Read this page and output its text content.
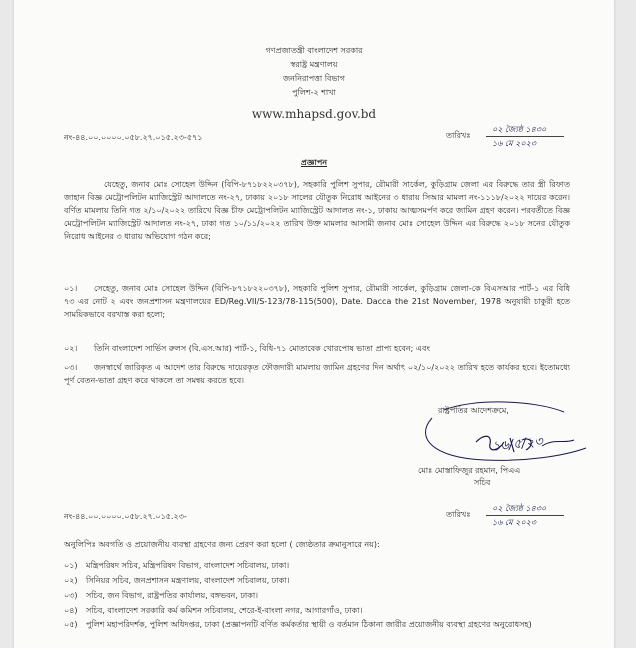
গণপ্রজাতন্ত্রী বাংলাদেশ সরকার
স্বরাষ্ট্র মন্ত্রণালয়
জননিরাপত্তা বিভাগ
পুলিশ-২ শাখা
www.mhapsd.gov.bd
নং-৪৪.০০.০০০০.০৫৮.২৭.০১৫.২৩-৫৭১	তারিখঃ
০২ জ্যৈষ্ঠ ১৪৩০
১৬ মে ২০২৩
প্রজ্ঞাপন
যেহেতু, জনাব মোঃ সোহেল উদ্দিন (বিপি-৮৭১৮২২০৩৭৮), সহকারি পুলিশ সুপার, রৌমারী সার্কেল, কুড়িগ্রাম জেলা এর বিরুদ্ধে তার স্ত্রী রিফাত জাহান বিজ্ঞ মেট্রোপলিটন ম্যাজিস্ট্রেট আদালতে নং-২৭, ঢাকায় ২০১৮ সালের যৌতুক নিরোধ আইনের ৩ ধারায় সিআর মামলা নং-১১১৮/২০২২ দায়ের করেন। বর্ণিত মামলায় তিনি গত ২/১০/২০২২ তারিখে বিজ্ঞ চীফ মেট্রোপলিটন ম্যাজিস্ট্রেট আদালত নং-১, ঢাকায় আত্মসমর্পণ করে জামিন গ্রহণ করেন। পরবর্তীতে বিজ্ঞ মেট্রোপলিটন ম্যাজিস্ট্রেট আদালত নং-২৭, ঢাকা গত ১০/১১/২০২২ তারিখ উক্ত মামলার আসামী জনাব মোঃ সোহেল উদ্দিন এর বিরুদ্ধে ২০১৮ সনের যৌতুক নিরোধ আইনের ৩ ধারায় অভিযোগ গঠন করে;
০১। সেহেতু, জনাব মোঃ সোহেল উদ্দিন (বিপি-৮৭১৮২২০৩৭৮), সহকারি পুলিশ সুপার, রৌমারী সার্কেল, কুড়িগ্রাম জেলা-কে বিএসআর পার্ট-১ এর বিধি ৭৩ এর নোট ২ এবং জনপ্রশাসন মন্ত্রণালয়ের ED/Reg.VII/S-123/78-115(500), Date. Dacca the 21st November, 1978 অনুযায়ী চাকুরী হতে সাময়িকভাবে বরখাস্ত করা হলো;
০২। তিনি বাংলাদেশ সার্ভিস রুলস (বি.এস.আর) পার্ট-১, বিধি-৭১ মোতাবেক খোরপোষ ভাতা প্রাপ্য হবেন; এবং
০৩। জনস্বার্থে জারিকৃত এ আদেশ তার বিরুদ্ধে দায়েরকৃত ফৌজদারী মামলায় জামিন গ্রহণের দিন অর্থাৎ ০২/১০/২০২২ তারিখ হতে কার্যকর হবে। ইতোমধ্যে পূর্ণ বেতন-ভাতা গ্রহণ করে থাকলে তা সমন্বয় করতে হবে।
রাষ্ট্রপতির আদেশক্রমে,
১৬/৫/২৩
মোঃ মোস্তাফিজুর রহমান, পিএএ
সচিব
নং-৪৪.০০.০০০০.০৫৮.২৭.০১৫.২৩-	তারিখঃ
০২ জ্যৈষ্ঠ ১৪৩০
১৬ মে ২০২৩
অনুলিপিঃ অবগতি ও প্রয়োজনীয় ব্যবস্থা গ্রহণের জন্য প্রেরণ করা হলো ( জ্যেষ্ঠতার ক্রমানুসারে নয়):
০১) মন্ত্রিপরিষদ সচিব, মন্ত্রিপরিষদ বিভাগ, বাংলাদেশ সচিবালয়, ঢাকা।
০২) সিনিয়র সচিব, জনপ্রশাসন মন্ত্রণালয়, বাংলাদেশ সচিবালয়, ঢাকা।
০৩) সচিব, জন বিভাগ, রাষ্ট্রপতির কার্যালয়, বঙ্গভবন, ঢাকা।
০৪) সচিব, বাংলাদেশ সরকারি কর্ম কমিশন সচিবালয়, শেরে-ই-বাংলা নগর, আগারগাঁও, ঢাকা।
০৫) পুলিশ মহাপরিদর্শক, পুলিশ অধিদপ্তর, ঢাকা (প্রজ্ঞাপনটি বর্ণিত কর্মকর্তার স্থায়ী ও বর্তমান ঠিকানা জারীর প্রয়োজনীয় ব্যবস্থা গ্রহণের অনুরোধসহ)
